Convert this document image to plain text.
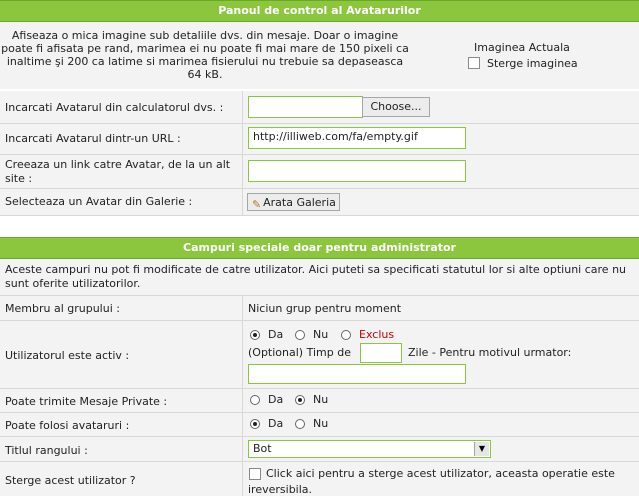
Panoul de control al Avatarurilor
Afiseaza o mica imagine sub detaliile dvs. din mesaje. Doar o imagine poate fi afisata pe rand, marimea ei nu poate fi mai mare de 150 pixeli ca inaltime şi 200 ca latime si marimea fisierului nu trebuie sa depaseasca 64 kB.
Imaginea Actuala
Sterge imaginea
Incarcati Avatarul din calculatorul dvs. :	Choose...
Incarcati Avatarul dintr-un URL :	http://illiweb.com/fa/empty.gif
Creeaza un link catre Avatar, de la un alt site :
Selecteaza un Avatar din Galerie :	✎ Arata Galeria
Campuri speciale doar pentru administrator
Aceste campuri nu pot fi modificate de catre utilizator. Aici puteti sa specificati statutul lor si alte optiuni care nu sunt oferite utilizatorilor.
Membru al grupului :	Niciun grup pentru moment
Utilizatorul este activ :
Da	Nu	Exclus
(Optional) Timp de	Zile - Pentru motivul urmator:
Poate trimite Mesaje Private :	Da	Nu
Poate folosi avataruri :	Da	Nu
Titlul rangului :	Bot	▼
Sterge acest utilizator ?
Click aici pentru a sterge acest utilizator, aceasta operatie este
ireversibila.
